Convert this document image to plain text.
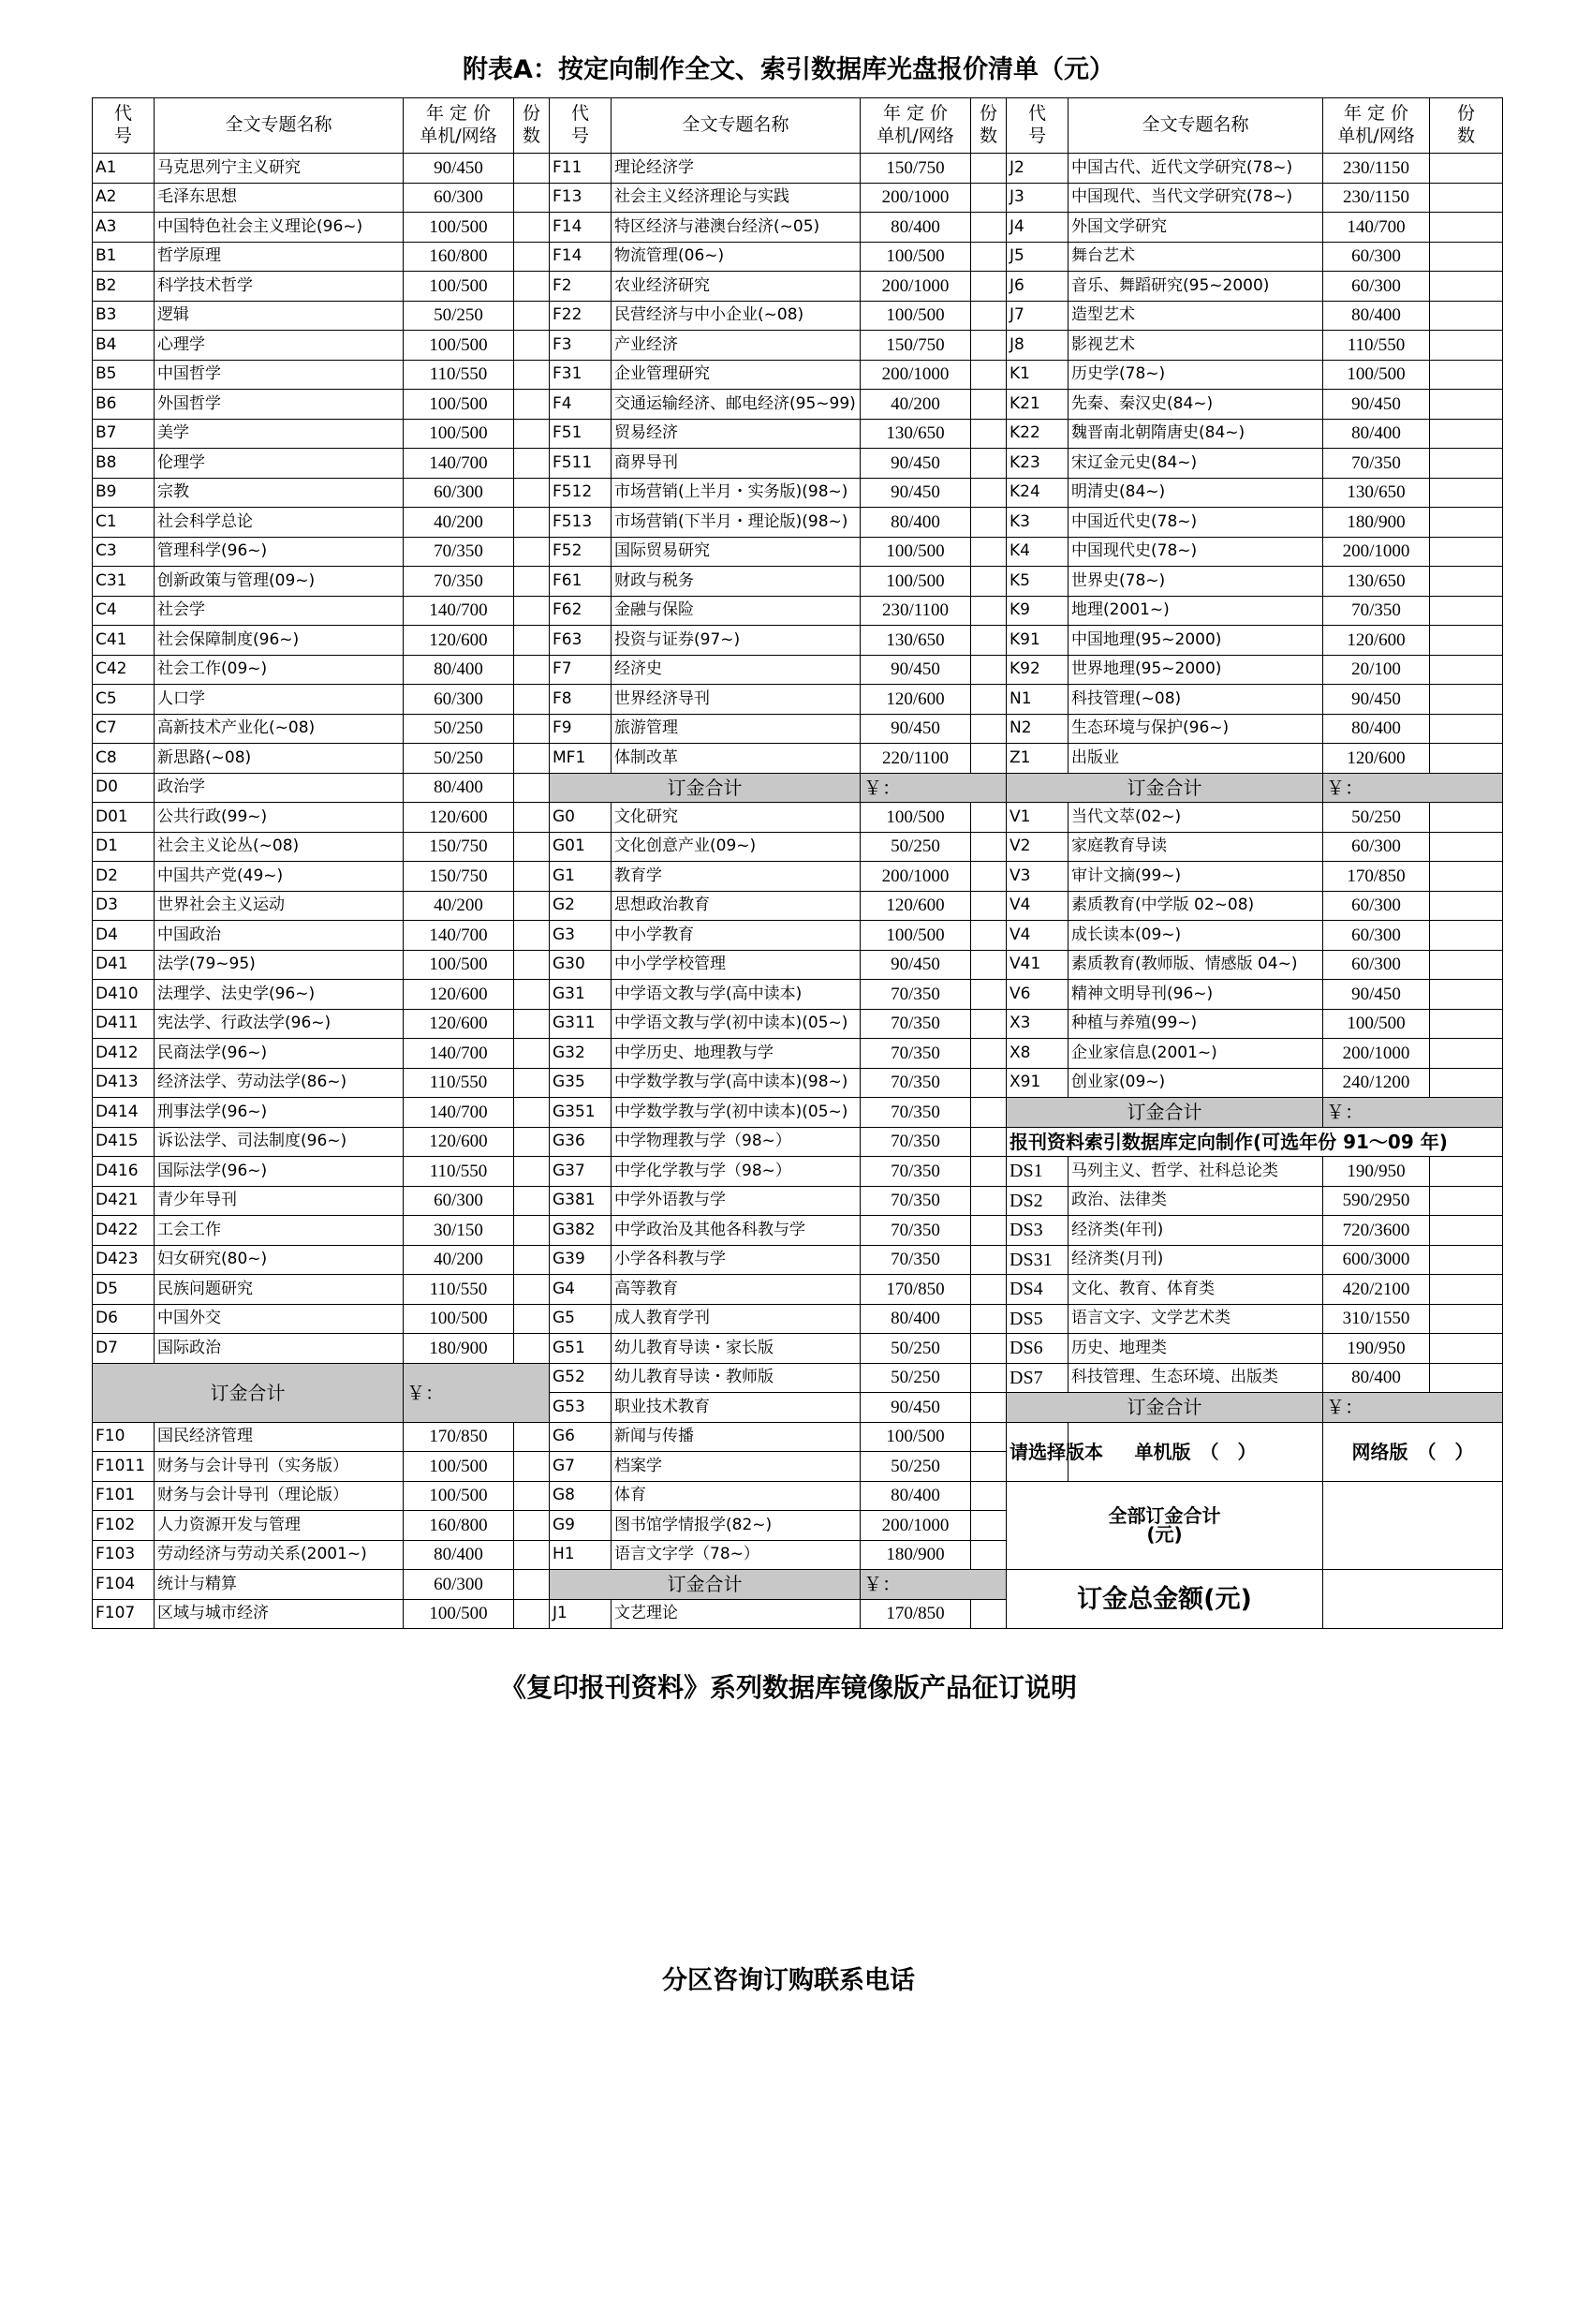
附表A：按定向制作全文、索引数据库光盘报价清单（元）
代
号	全文专题名称	年 定 价
单机/网络	份
数	代
号	全文专题名称	年 定 价
单机/网络	份
数	代
号	全文专题名称	年 定 价
单机/网络	份
数
A1	马克思列宁主义研究	90/450		F11	理论经济学	150/750		J2	中国古代、近代文学研究(78~)	230/1150	
A2	毛泽东思想	60/300		F13	社会主义经济理论与实践	200/1000		J3	中国现代、当代文学研究(78~)	230/1150	
A3	中国特色社会主义理论(96~)	100/500		F14	特区经济与港澳台经济(~05)	80/400		J4	外国文学研究	140/700	
B1	哲学原理	160/800		F14	物流管理(06~)	100/500		J5	舞台艺术	60/300	
B2	科学技术哲学	100/500		F2	农业经济研究	200/1000		J6	音乐、舞蹈研究(95~2000)	60/300	
B3	逻辑	50/250		F22	民营经济与中小企业(~08)	100/500		J7	造型艺术	80/400	
B4	心理学	100/500		F3	产业经济	150/750		J8	影视艺术	110/550	
B5	中国哲学	110/550		F31	企业管理研究	200/1000		K1	历史学(78~)	100/500	
B6	外国哲学	100/500		F4	交通运输经济、邮电经济(95~99)	40/200		K21	先秦、秦汉史(84~)	90/450	
B7	美学	100/500		F51	贸易经济	130/650		K22	魏晋南北朝隋唐史(84~)	80/400	
B8	伦理学	140/700		F511	商界导刊	90/450		K23	宋辽金元史(84~)	70/350	
B9	宗教	60/300		F512	市场营销(上半月・实务版)(98~)	90/450		K24	明清史(84~)	130/650	
C1	社会科学总论	40/200		F513	市场营销(下半月・理论版)(98~)	80/400		K3	中国近代史(78~)	180/900	
C3	管理科学(96~)	70/350		F52	国际贸易研究	100/500		K4	中国现代史(78~)	200/1000	
C31	创新政策与管理(09~)	70/350		F61	财政与税务	100/500		K5	世界史(78~)	130/650	
C4	社会学	140/700		F62	金融与保险	230/1100		K9	地理(2001~)	70/350	
C41	社会保障制度(96~)	120/600		F63	投资与证券(97~)	130/650		K91	中国地理(95~2000)	120/600	
C42	社会工作(09~)	80/400		F7	经济史	90/450		K92	世界地理(95~2000)	20/100	
C5	人口学	60/300		F8	世界经济导刊	120/600		N1	科技管理(~08)	90/450	
C7	高新技术产业化(~08)	50/250		F9	旅游管理	90/450		N2	生态环境与保护(96~)	80/400	
C8	新思路(~08)	50/250		MF1	体制改革	220/1100		Z1	出版业	120/600	
D0	政治学	80/400		订金合计		￥：		订金合计		￥：	
D01	公共行政(99~)	120/600		G0	文化研究	100/500		V1	当代文萃(02~)	50/250	
D1	社会主义论丛(~08)	150/750		G01	文化创意产业(09~)	50/250		V2	家庭教育导读	60/300	
D2	中国共产党(49~)	150/750		G1	教育学	200/1000		V3	审计文摘(99~)	170/850	
D3	世界社会主义运动	40/200		G2	思想政治教育	120/600		V4	素质教育(中学版 02~08)	60/300	
D4	中国政治	140/700		G3	中小学教育	100/500		V4	成长读本(09~)	60/300	
D41	法学(79~95)	100/500		G30	中小学学校管理	90/450		V41	素质教育(教师版、情感版 04~)	60/300	
D410	法理学、法史学(96~)	120/600		G31	中学语文教与学(高中读本)	70/350		V6	精神文明导刊(96~)	90/450	
D411	宪法学、行政法学(96~)	120/600		G311	中学语文教与学(初中读本)(05~)	70/350		X3	种植与养殖(99~)	100/500	
D412	民商法学(96~)	140/700		G32	中学历史、地理教与学	70/350		X8	企业家信息(2001~)	200/1000	
D413	经济法学、劳动法学(86~)	110/550		G35	中学数学教与学(高中读本)(98~)	70/350		X91	创业家(09~)	240/1200	
D414	刑事法学(96~)	140/700		G351	中学数学教与学(初中读本)(05~)	70/350		订金合计		￥：	
D415	诉讼法学、司法制度(96~)	120/600		G36	中学物理教与学（98~）	70/350		报刊资料索引数据库定向制作(可选年份 91～09 年)			
D416	国际法学(96~)	110/550		G37	中学化学教与学（98~）	70/350		DS1	马列主义、哲学、社科总论类	190/950	
D421	青少年导刊	60/300		G381	中学外语教与学	70/350		DS2	政治、法律类	590/2950	
D422	工会工作	30/150		G382	中学政治及其他各科教与学	70/350		DS3	经济类(年刊)	720/3600	
D423	妇女研究(80~)	40/200		G39	小学各科教与学	70/350		DS31	经济类(月刊)	600/3000	
D5	民族问题研究	110/550		G4	高等教育	170/850		DS4	文化、教育、体育类	420/2100	
D6	中国外交	100/500		G5	成人教育学刊	80/400		DS5	语言文字、文学艺术类	310/1550	
D7	国际政治	180/900		G51	幼儿教育导读・家长版	50/250		DS6	历史、地理类	190/950	
订金合计		￥：		G52	幼儿教育导读・教师版	50/250		DS7	科技管理、生态环境、出版类	80/400	
				G53	职业技术教育	90/450		订金合计		￥：	
F10	国民经济管理	170/850		G6	新闻与传播	100/500		请选择版本	单机版　（　）	网络版　（　）	
F1011	财务与会计导刊（实务版）	100/500		G7	档案学	50/250					
F101	财务与会计导刊（理论版）	100/500		G8	体育	80/400		全部订金合计
(元)			
F102	人力资源开发与管理	160/800		G9	图书馆学情报学(82~)	200/1000					
F103	劳动经济与劳动关系(2001~)	80/400		H1	语言文字学（78~）	180/900					
F104	统计与精算	60/300		订金合计		￥：		订金总金额(元)			
F107	区域与城市经济	100/500		J1	文艺理论	170/850					
《复印报刊资料》系列数据库镜像版产品征订说明
分区咨询订购联系电话
